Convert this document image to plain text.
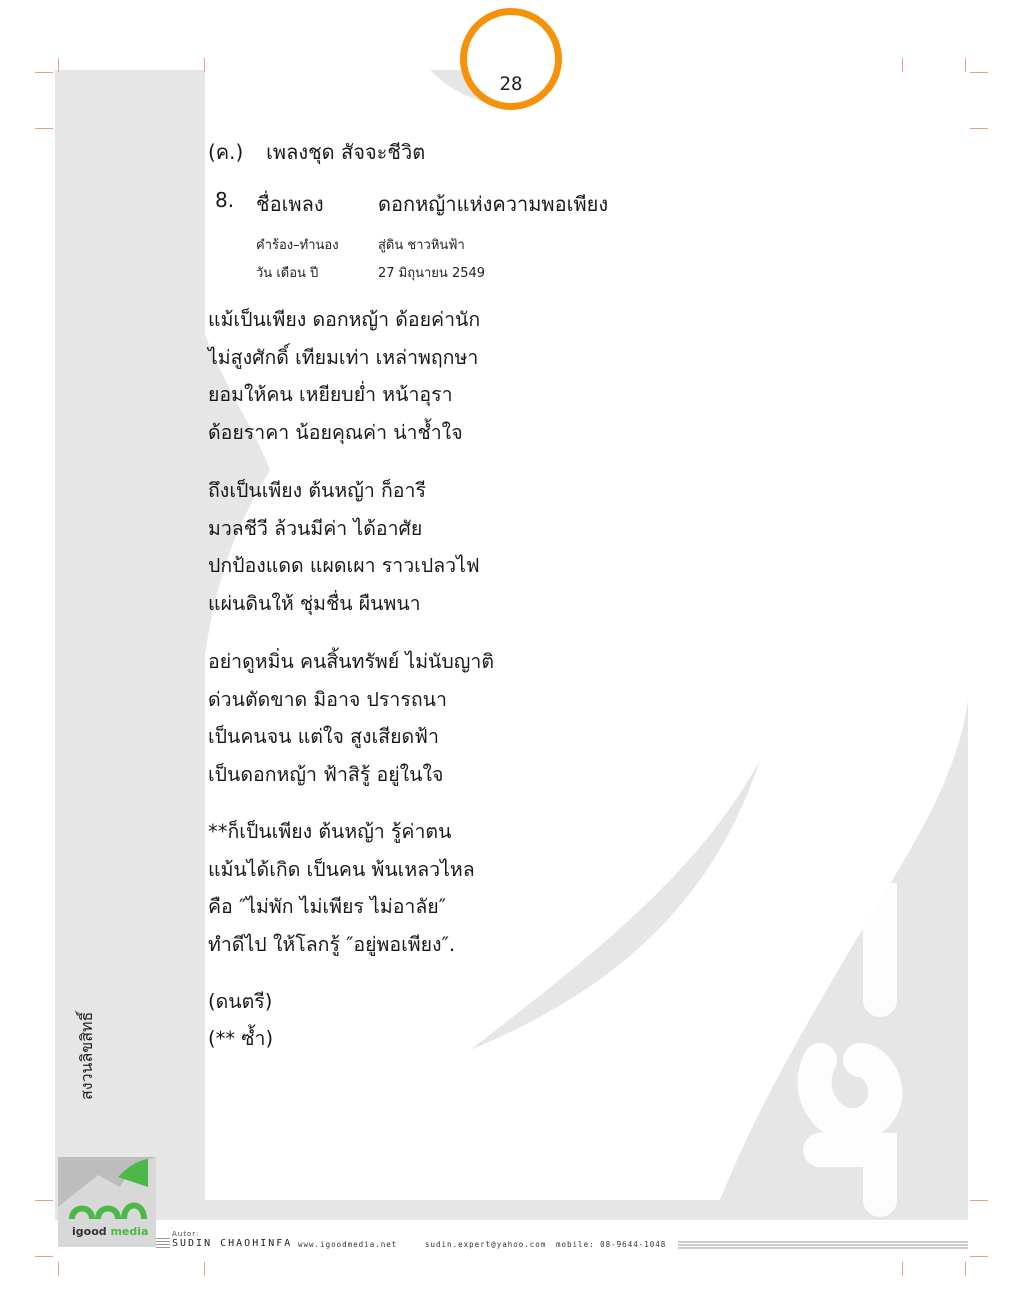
28
(ค.) เพลงชุด สัจจะชีวิต
8. ชื่อเพลง	ดอกหญ้าแห่งความพอเพียง
คำร้อง–ทำนอง	สู่ดิน ชาวหินฟ้า
วัน เดือน ปี	27 มิถุนายน 2549
แม้เป็นเพียง ดอกหญ้า ด้อยค่านัก
ไม่สูงศักดิ์ เทียมเท่า เหล่าพฤกษา
ยอมให้คน เหยียบย่ำ หน้าอุรา
ด้อยราคา น้อยคุณค่า น่าช้ำใจ
ถึงเป็นเพียง ต้นหญ้า ก็อารี
มวลชีวี ล้วนมีค่า ได้อาศัย
ปกป้องแดด แผดเผา ราวเปลวไฟ
แผ่นดินให้ ชุ่มชื่น ผืนพนา
อย่าดูหมิ่น คนสิ้นทรัพย์ ไม่นับญาติ
ด่วนตัดขาด มิอาจ ปรารถนา
เป็นคนจน แต่ใจ สูงเสียดฟ้า
เป็นดอกหญ้า ฟ้าสิรู้ อยู่ในใจ
**ก็เป็นเพียง ต้นหญ้า รู้ค่าตน
แม้นได้เกิด เป็นคน พ้นเหลวไหล
คือ ″ไม่พัก ไม่เพียร ไม่อาลัย″
ทำดีไป ให้โลกรู้ ″อยู่พอเพียง″.
(ดนตรี)
(** ซ้ำ)
สงวนลิขสิทธิ์
igood media	Autor:
SUDIN CHAOHINFA www.igoodmedia.net	sudin.expert@yahoo.com mobile: 08-9644-1048
